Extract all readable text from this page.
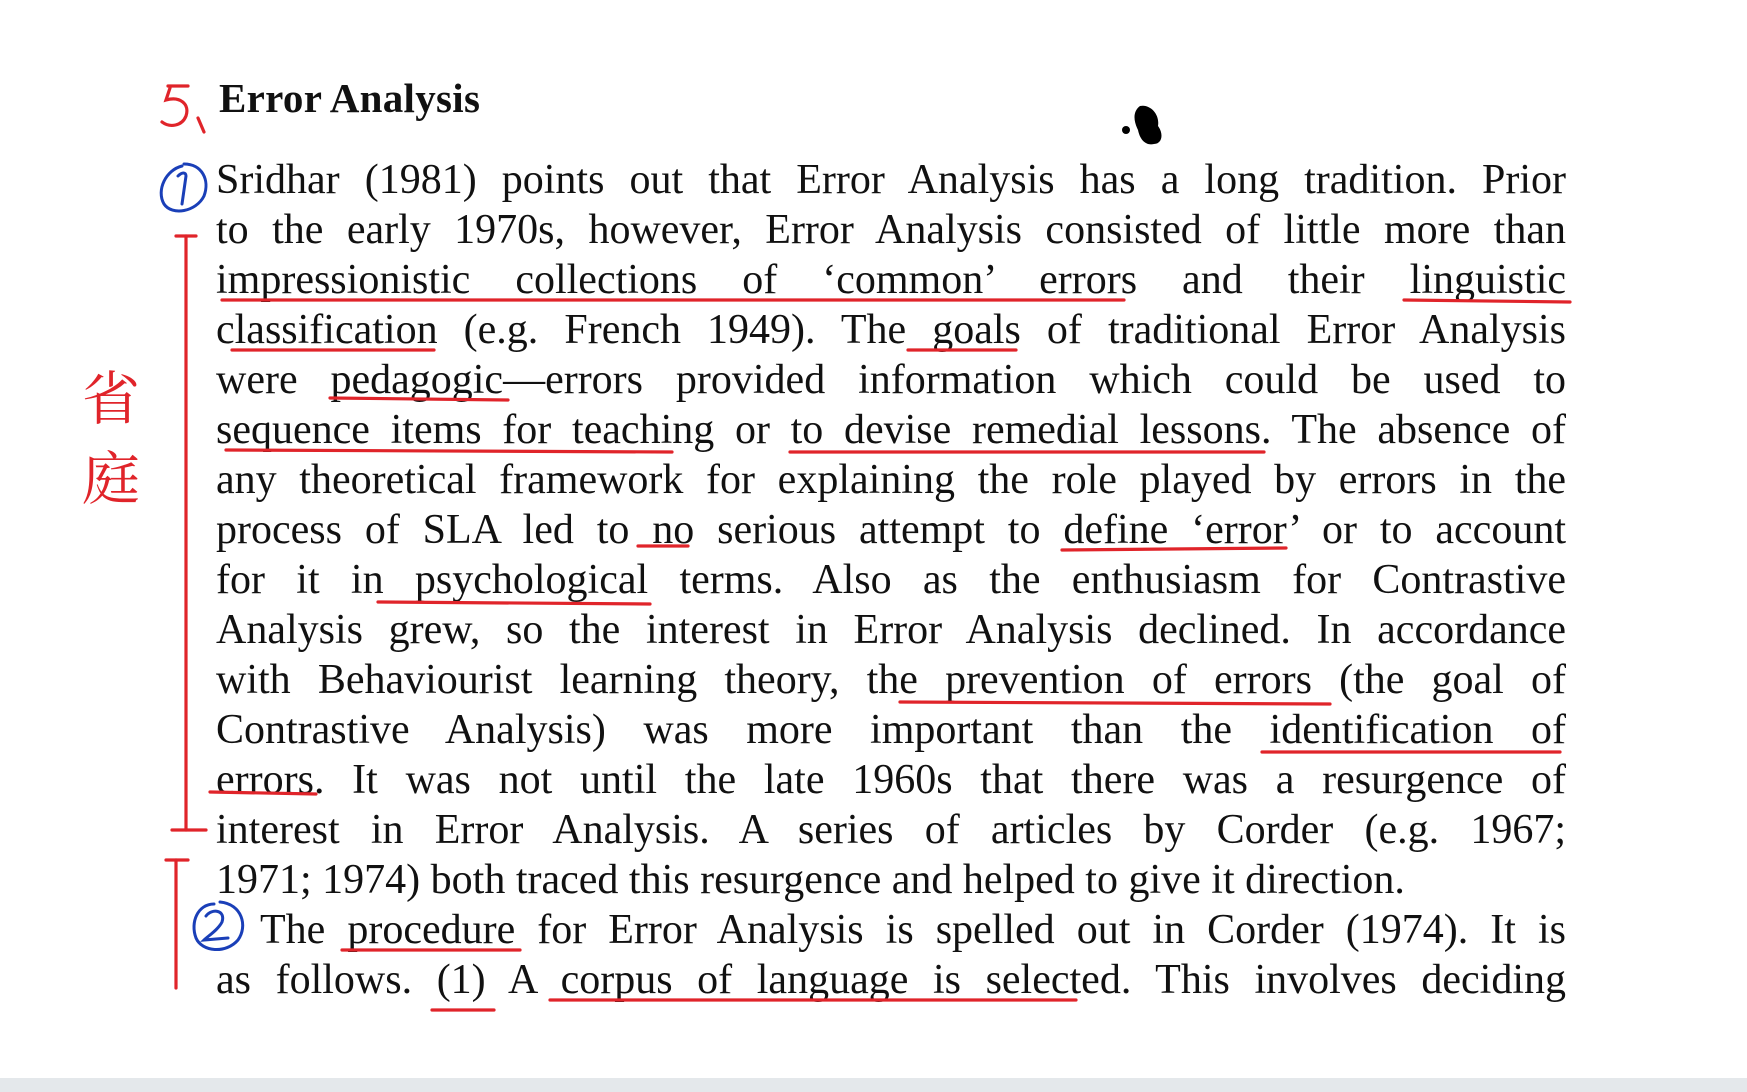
Error Analysis
Sridhar (1981) points out that Error Analysis has a long tradition. Prior
to the early 1970s, however, Error Analysis consisted of little more than
impressionistic collections of ‘common’ errors and their linguistic
classification (e.g. French 1949). The goals of traditional Error Analysis
were pedagogic—errors provided information which could be used to
sequence items for teaching or to devise remedial lessons. The absence of
any theoretical framework for explaining the role played by errors in the
process of SLA led to no serious attempt to define ‘error’ or to account
for it in psychological terms. Also as the enthusiasm for Contrastive
Analysis grew, so the interest in Error Analysis declined. In accordance
with Behaviourist learning theory, the prevention of errors (the goal of
Contrastive Analysis) was more important than the identification of
errors. It was not until the late 1960s that there was a resurgence of
interest in Error Analysis. A series of articles by Corder (e.g. 1967;
1971; 1974) both traced this resurgence and helped to give it direction.
The procedure for Error Analysis is spelled out in Corder (1974). It is
as follows. (1) A corpus of language is selected. This involves deciding
省
庭
